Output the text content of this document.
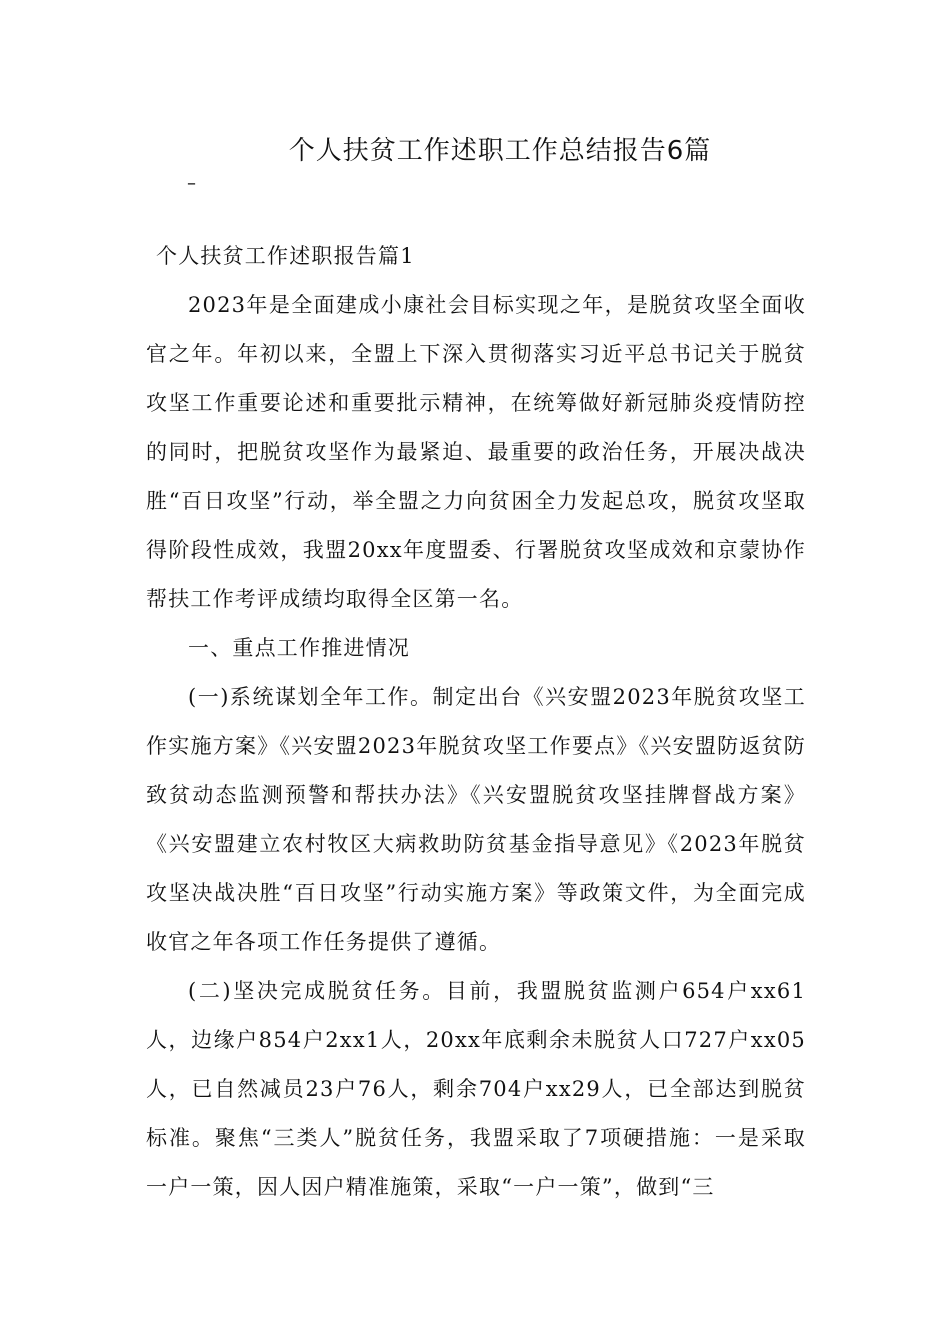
个人扶贫工作述职工作总结报告6篇
–

个人扶贫工作述职报告篇1

2023年是全面建成小康社会目标实现之年，是脱贫攻坚全面收官之年。年初以来，全盟上下深入贯彻落实习近平总书记关于脱贫攻坚工作重要论述和重要批示精神，在统筹做好新冠肺炎疫情防控的同时，把脱贫攻坚作为最紧迫、最重要的政治任务，开展决战决胜“百日攻坚”行动，举全盟之力向贫困全力发起总攻，脱贫攻坚取得阶段性成效，我盟20xx年度盟委、行署脱贫攻坚成效和京蒙协作帮扶工作考评成绩均取得全区第一名。

一、重点工作推进情况

(一)系统谋划全年工作。制定出台《兴安盟2023年脱贫攻坚工作实施方案》《兴安盟2023年脱贫攻坚工作要点》《兴安盟防返贫防致贫动态监测预警和帮扶办法》《兴安盟脱贫攻坚挂牌督战方案》《兴安盟建立农村牧区大病救助防贫基金指导意见》《2023年脱贫攻坚决战决胜“百日攻坚”行动实施方案》等政策文件，为全面完成收官之年各项工作任务提供了遵循。

(二)坚决完成脱贫任务。目前，我盟脱贫监测户654户xx61人，边缘户854户2xx1人，20xx年底剩余未脱贫人口727户xx05人，已自然减员23户76人，剩余704户xx29人，已全部达到脱贫标准。聚焦“三类人”脱贫任务，我盟采取了7项硬措施：一是采取一户一策，因人因户精准施策，采取“一户一策”，做到“三
